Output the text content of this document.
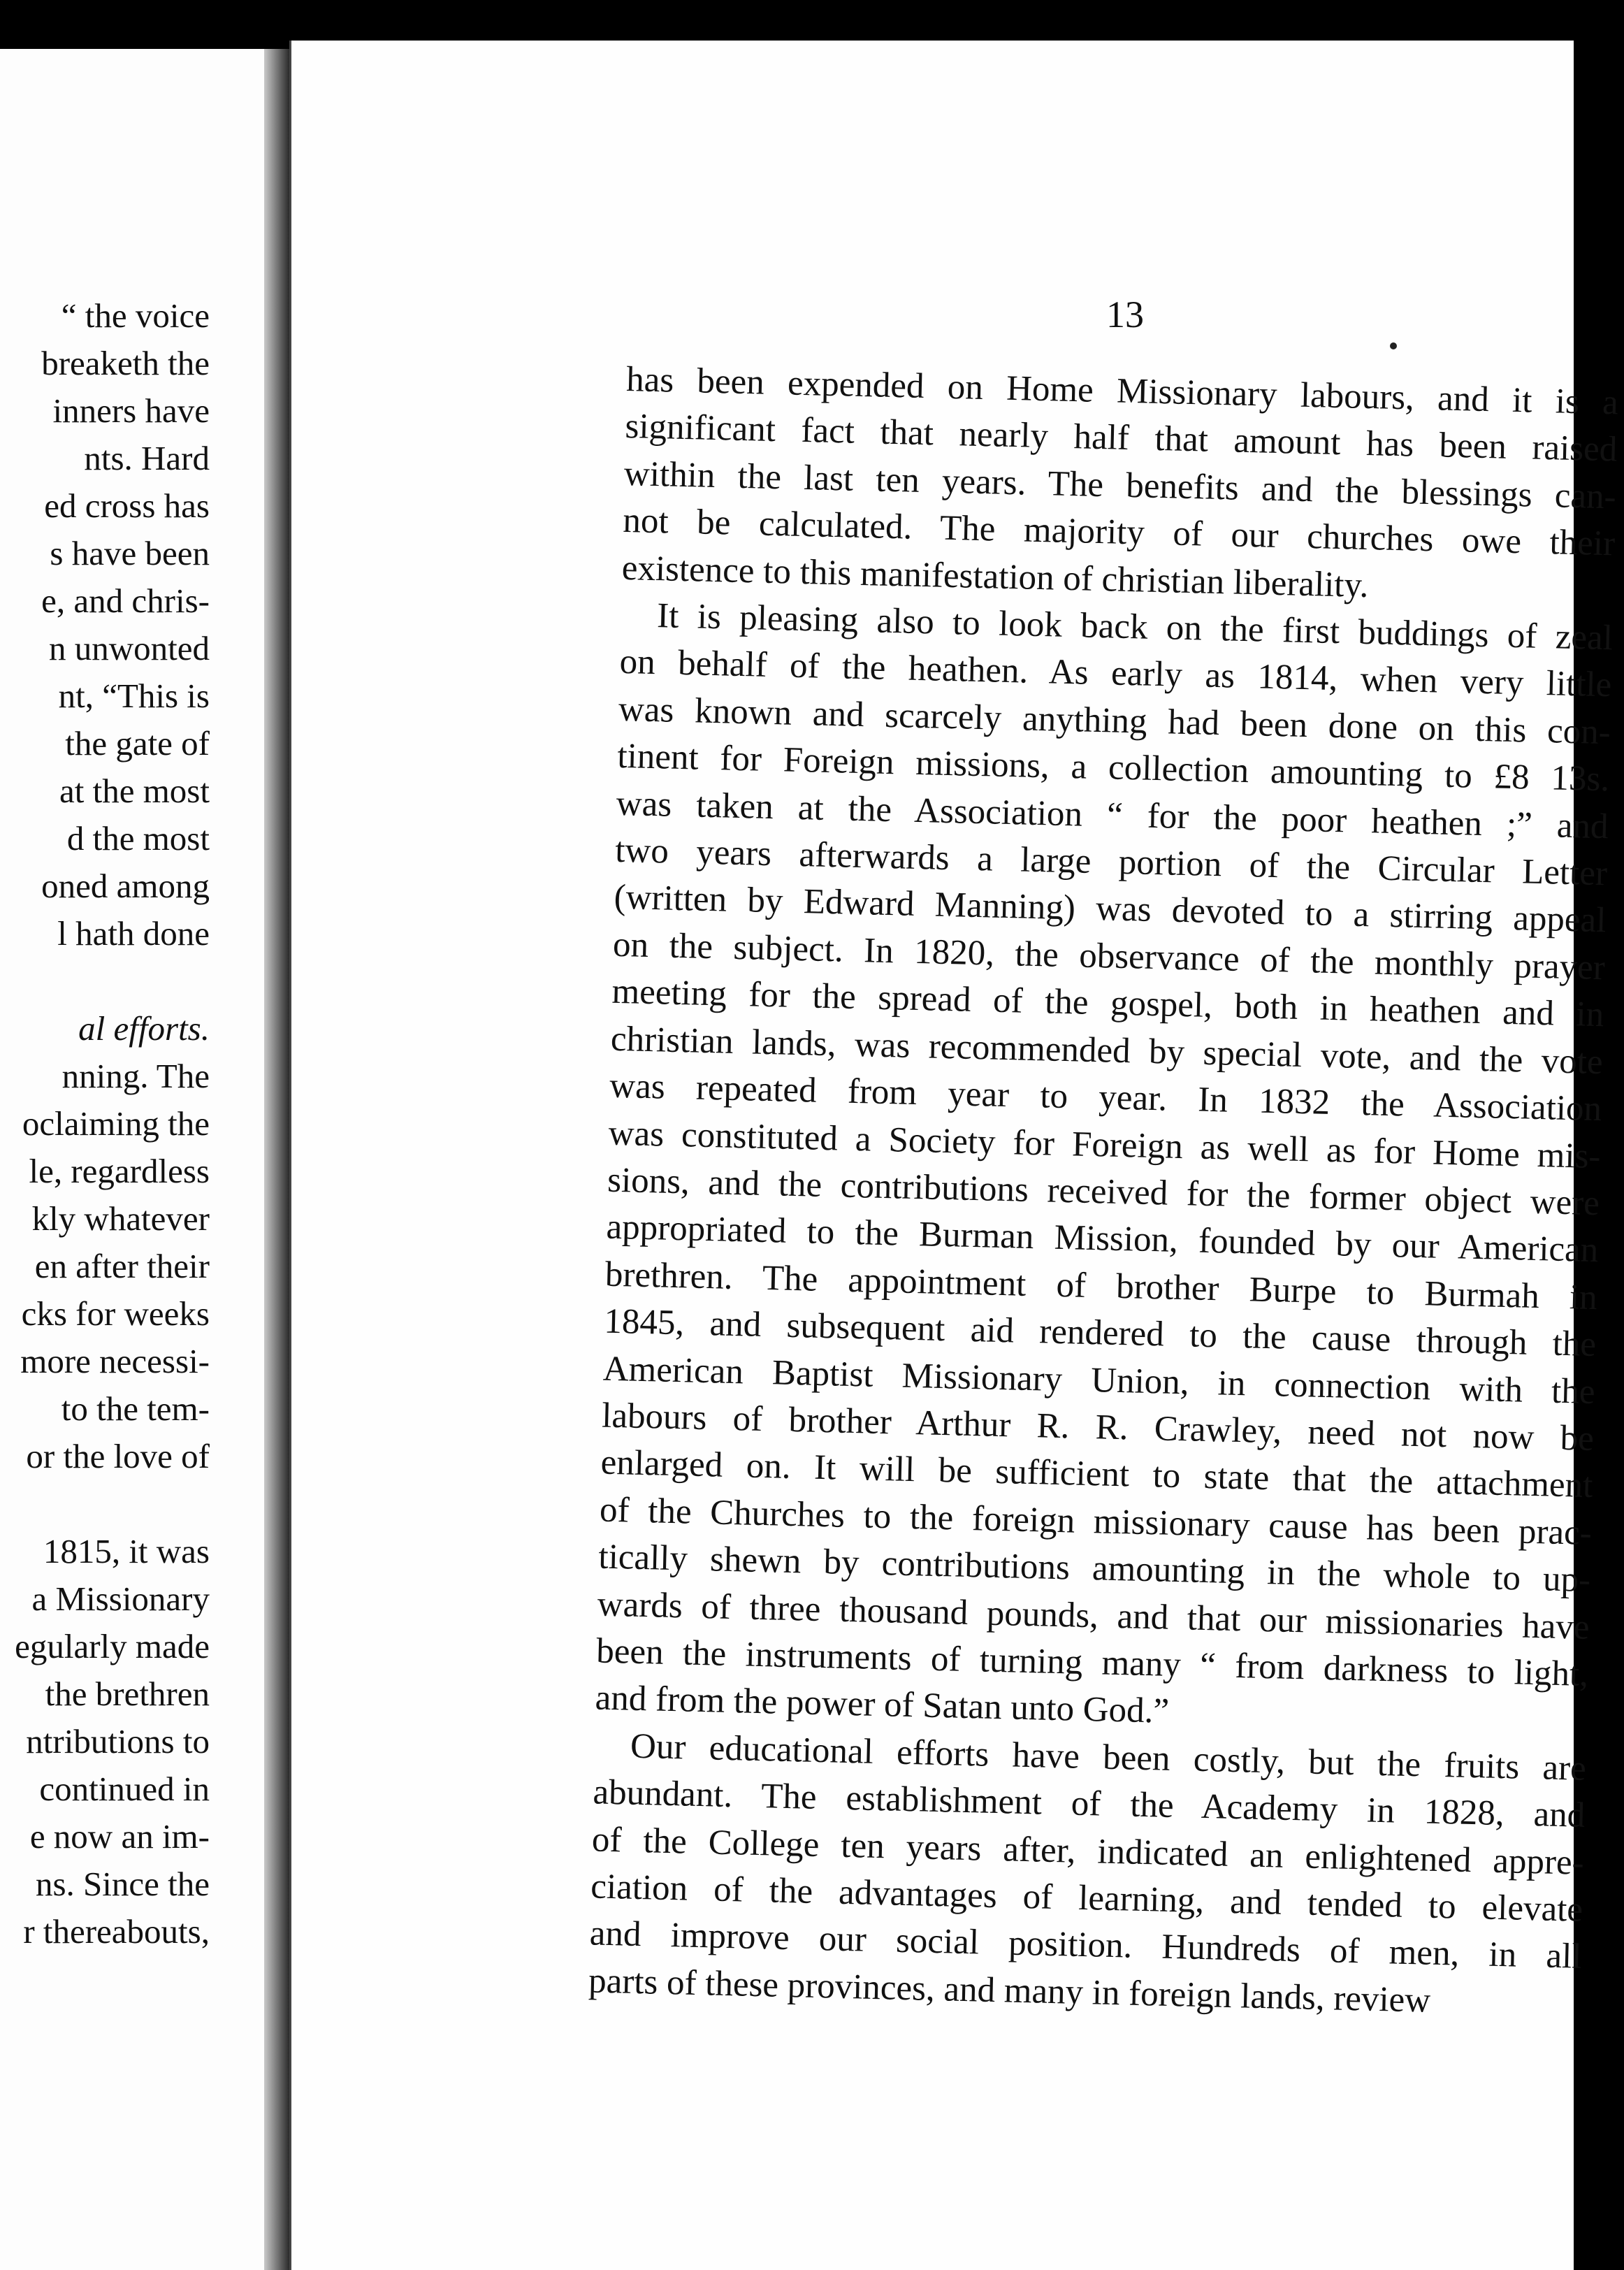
“ the voice
breaketh the
inners have
nts. Hard
ed cross has
s have been
e, and chris-
n unwonted
nt, “This is
the gate of
at the most
d the most
oned among
l hath done
al efforts.
nning. The
oclaiming the
le, regardless
kly whatever
en after their
cks for weeks
more necessi-
to the tem-
or the love of
1815, it was
a Missionary
egularly made
the brethren
ntributions to
continued in
e now an im-
ns. Since the
r thereabouts,
13

has been expended on Home Missionary labours, and it is a
significant fact that nearly half that amount has been raised
within the last ten years. The benefits and the blessings can-
not be calculated. The majority of our churches owe their
existence to this manifestation of christian liberality.

It is pleasing also to look back on the first buddings of zeal
on behalf of the heathen. As early as 1814, when very little
was known and scarcely anything had been done on this con-
tinent for Foreign missions, a collection amounting to £8 13s.
was taken at the Association “ for the poor heathen ;” and
two years afterwards a large portion of the Circular Letter
(written by Edward Manning) was devoted to a stirring appeal
on the subject. In 1820, the observance of the monthly prayer
meeting for the spread of the gospel, both in heathen and in
christian lands, was recommended by special vote, and the vote
was repeated from year to year. In 1832 the Association
was constituted a Society for Foreign as well as for Home mis-
sions, and the contributions received for the former object were
appropriated to the Burman Mission, founded by our American
brethren. The appointment of brother Burpe to Burmah in
1845, and subsequent aid rendered to the cause through the
American Baptist Missionary Union, in connection with the
labours of brother Arthur R. R. Crawley, need not now be
enlarged on. It will be sufficient to state that the attachment
of the Churches to the foreign missionary cause has been prac-
tically shewn by contributions amounting in the whole to up-
wards of three thousand pounds, and that our missionaries have
been the instruments of turning many “ from darkness to light,
and from the power of Satan unto God.”

Our educational efforts have been costly, but the fruits are
abundant. The establishment of the Academy in 1828, and
of the College ten years after, indicated an enlightened appre-
ciation of the advantages of learning, and tended to elevate
and improve our social position. Hundreds of men, in all
parts of these provinces, and many in foreign lands, review
